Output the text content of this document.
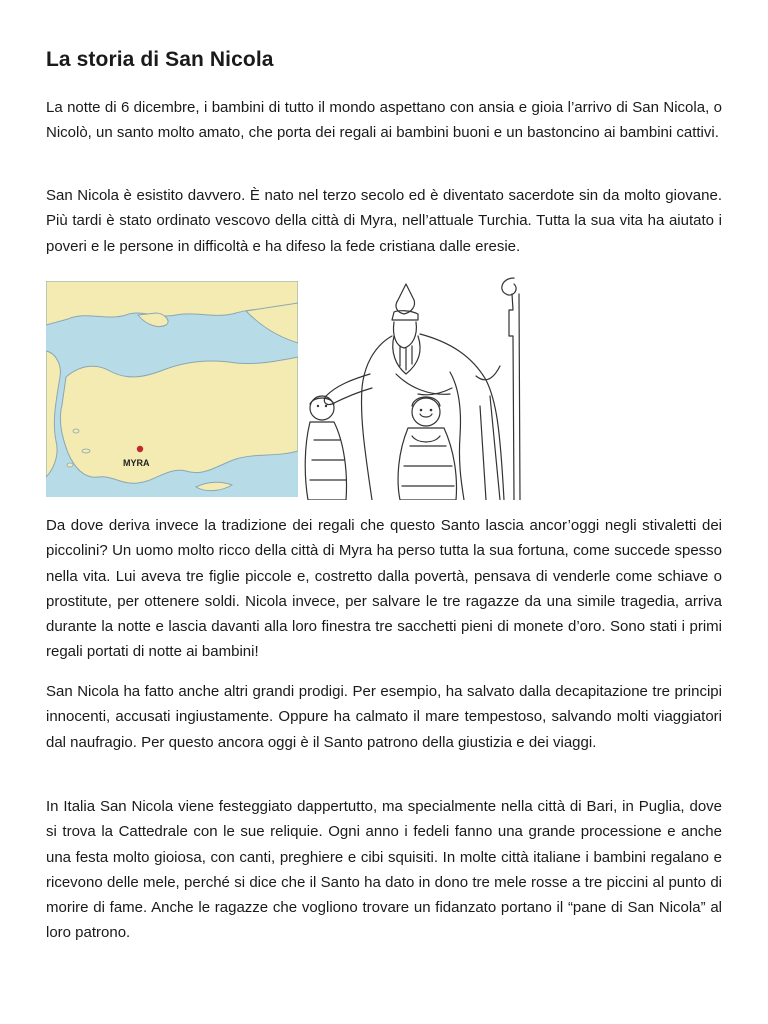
La storia di San Nicola

La notte di 6 dicembre, i bambini di tutto il mondo aspettano con ansia e gioia l’arrivo di San Nicola, o Nicolò, un santo molto amato, che porta dei regali ai bambini buoni e un bastoncino ai bambini cattivi.

San Nicola è esistito davvero. È nato nel terzo secolo ed è diventato sacerdote sin da molto giovane. Più tardi è stato ordinato vescovo della città di Myra, nell’attuale Turchia. Tutta la sua vita ha aiutato i poveri e le persone in difficoltà e ha difeso la fede cristiana dalle eresie.

MYRA

Da dove deriva invece la tradizione dei regali che questo Santo lascia ancor’oggi negli stivaletti dei piccolini? Un uomo molto ricco della città di Myra ha perso tutta la sua fortuna, come succede spesso nella vita. Lui aveva tre figlie piccole e, costretto dalla povertà, pensava di venderle come schiave o prostitute, per ottenere soldi. Nicola invece, per salvare le tre ragazze da una simile tragedia, arriva durante la notte e lascia davanti alla loro finestra tre sacchetti pieni di monete d’oro. Sono stati i primi regali portati di notte ai bambini!

San Nicola ha fatto anche altri grandi prodigi. Per esempio, ha salvato dalla decapitazione tre principi innocenti, accusati ingiustamente. Oppure ha calmato il mare tempestoso, salvando molti viaggiatori dal naufragio. Per questo ancora oggi è il Santo patrono della giustizia e dei viaggi.

In Italia San Nicola viene festeggiato dappertutto, ma specialmente nella città di Bari, in Puglia, dove si trova la Cattedrale con le sue reliquie. Ogni anno i fedeli fanno una grande processione e anche una festa molto gioiosa, con canti, preghiere e cibi squisiti. In molte città italiane i bambini regalano e ricevono delle mele, perché si dice che il Santo ha dato in dono tre mele rosse a tre piccini al punto di morire di fame. Anche le ragazze che vogliono trovare un fidanzato portano il “pane di San Nicola” al loro patrono.
